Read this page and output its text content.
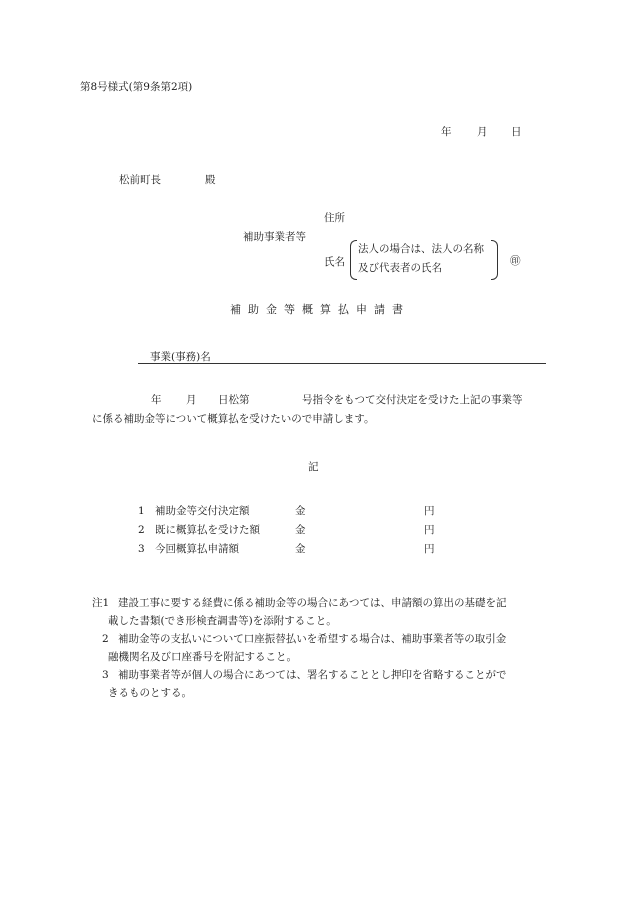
第8号様式(第9条第2項)
年 月 日
松前町長	殿
住所
補助事業者等
氏名
法人の場合は、法人の名称
及び代表者の氏名
㊞
補助金等概算払申請書
事業(事務)名
年 月 日松第	号指令をもつて交付決定を受けた上記の事業等
に係る補助金等について概算払を受けたいので申請します。
記
1 補助金等交付決定額	金	円
2 既に概算払を受けた額	金	円
3 今回概算払申請額	金	円
注1 建設工事に要する経費に係る補助金等の場合にあつては、申請額の算出の基礎を記
載した書類(でき形検査調書等)を添附すること。
2 補助金等の支払いについて口座振替払いを希望する場合は、補助事業者等の取引金
融機関名及び口座番号を附記すること。
3 補助事業者等が個人の場合にあつては、署名することとし押印を省略することがで
きるものとする。
